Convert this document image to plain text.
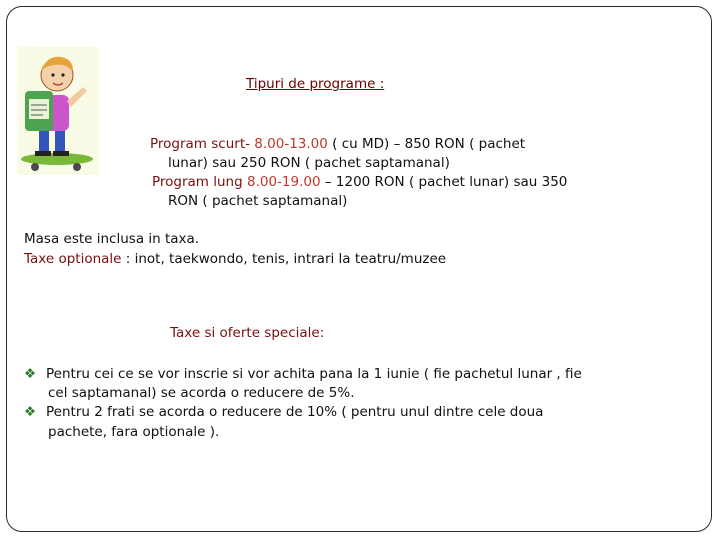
Tipuri de programe :
Program scurt- 8.00-13.00 ( cu MD) – 850 RON ( pachet
lunar) sau 250 RON ( pachet saptamanal)
Program lung 8.00-19.00 – 1200 RON ( pachet lunar) sau 350
RON ( pachet saptamanal)
Masa este inclusa in taxa.
Taxe optionale : inot, taekwondo, tenis, intrari la teatru/muzee
Taxe si oferte speciale:
❖ Pentru cei ce se vor inscrie si vor achita pana la 1 iunie ( fie pachetul lunar , fie
cel saptamanal) se acorda o reducere de 5%.
❖ Pentru 2 frati se acorda o reducere de 10% ( pentru unul dintre cele doua
pachete, fara optionale ).
